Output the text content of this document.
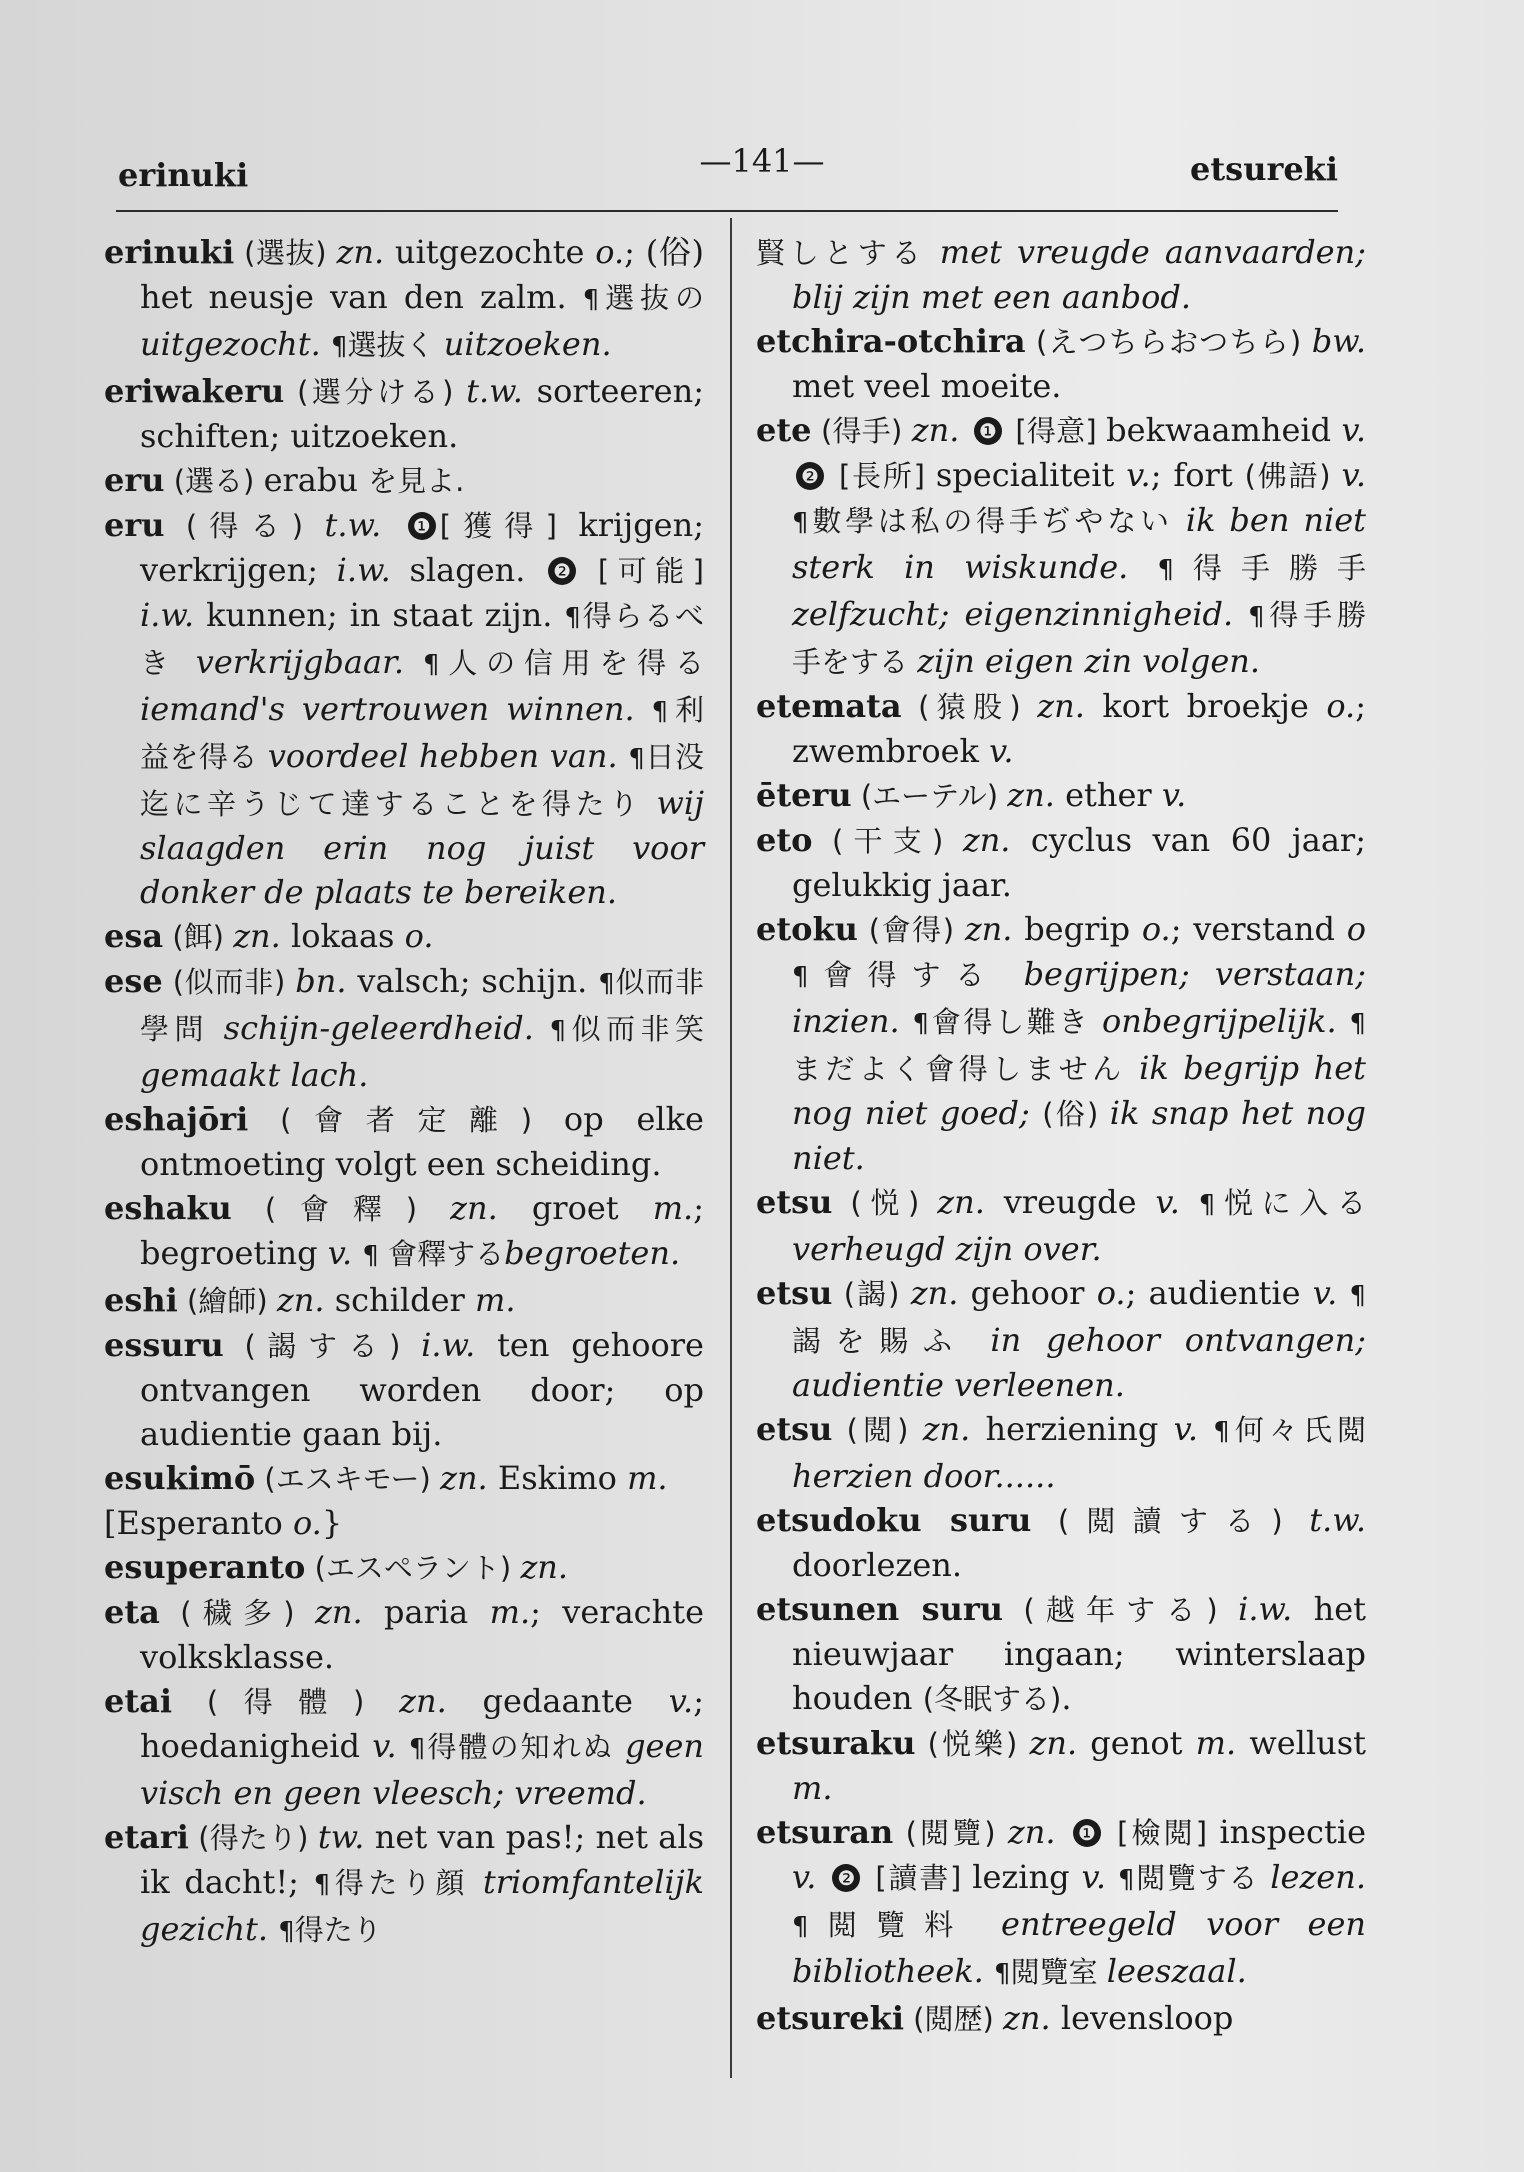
erinuki	—141—	etsureki

erinuki (選抜) zn. uitgezochte o.; (俗) het neusje van den zalm. ¶選抜の uitgezocht. ¶選抜く uitzoeken.

eriwakeru (選分ける) t.w. sorteeren; schiften; uitzoeken.

eru (選る) erabu を見よ.

eru (得る) t.w. ❶ [獲得] krijgen; verkrijgen; i.w. slagen. ❷ [可能] i.w. kunnen; in staat zijn. ¶得らるべき verkrijgbaar. ¶人の信用を得る iemand's vertrouwen winnen. ¶利益を得る voordeel hebben van. ¶日没迄に辛うじて達することを得たり wij slaagden erin nog juist voor donker de plaats te bereiken.

esa (餌) zn. lokaas o.

ese (似而非) bn. valsch; schijn. ¶似而非學問 schijn-geleerdheid. ¶似而非笑 gemaakt lach.

eshajōri (會者定離) op elke ontmoeting volgt een scheiding.

eshaku (會釋) zn. groet m.; begroeting v. ¶ 會釋するbegroeten.

eshi (繪師) zn. schilder m.

essuru (謁する) i.w. ten gehoore ontvangen worden door; op audientie gaan bij.

esukimō (エスキモー) zn. Eskimo m.

[Esperanto o.}

esuperanto (エスペラント) zn.

eta (穢多) zn. paria m.; verachte volksklasse.

etai (得體) zn. gedaante v.; hoedanigheid v. ¶得體の知れぬ geen visch en geen vleesch; vreemd.

etari (得たり) tw. net van pas!; net als ik dacht!; ¶得たり顔 triomfantelijk gezicht. ¶得たり

賢しとする met vreugde aanvaarden; blij zijn met een aanbod.

etchira-otchira (えつちらおつちら) bw. met veel moeite.

ete (得手) zn. ❶ [得意] bekwaamheid v. ❷ [長所] specialiteit v.; fort (佛語) v. ¶數學は私の得手ぢやない ik ben niet sterk in wiskunde. ¶得手勝手 zelfzucht; eigenzinnigheid. ¶得手勝手をする zijn eigen zin volgen.

etemata (猿股) zn. kort broekje o.; zwembroek v.

ēteru (エーテル) zn. ether v.

eto (干支) zn. cyclus van 60 jaar; gelukkig jaar.

etoku (會得) zn. begrip o.; verstand o ¶會得する begrijpen; verstaan; inzien. ¶會得し難き onbegrijpelijk. ¶まだよく會得しません ik begrijp het nog niet goed; (俗) ik snap het nog niet.

etsu (悦) zn. vreugde v. ¶悦に入る verheugd zijn over.

etsu (謁) zn. gehoor o.; audientie v. ¶謁を賜ふ in gehoor ontvangen; audientie verleenen.

etsu (閲) zn. herziening v. ¶何々氏閲 herzien door......

etsudoku suru (閲讀する) t.w. doorlezen.

etsunen suru (越年する) i.w. het nieuwjaar ingaan; winterslaap houden (冬眠する).

etsuraku (悦樂) zn. genot m. wellust m.

etsuran (閲覽) zn. ❶ [檢閲] inspectie v. ❷ [讀書] lezing v. ¶閲覽する lezen. ¶閲覽料 entreegeld voor een bibliotheek. ¶閲覽室 leeszaal.

etsureki (閲歴) zn. levensloop
